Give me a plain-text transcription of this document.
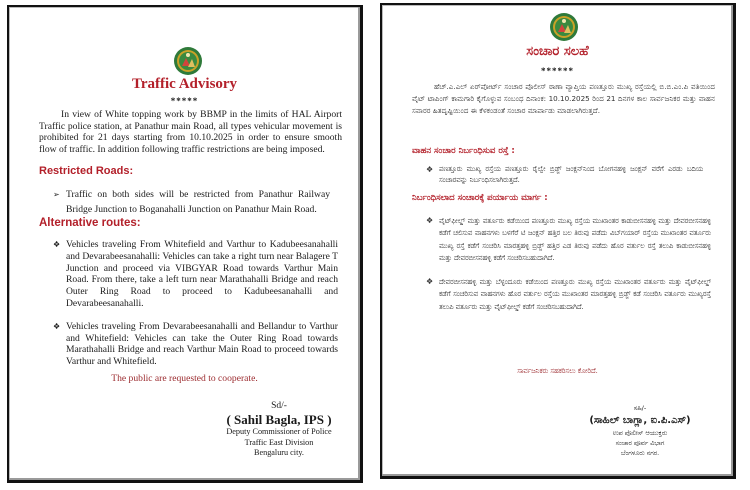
Traffic Advisory
*****
In view of White topping work by BBMP in the limits of HAL Airport Traffic police station, at Panathur main Road, all types vehicular movement is prohibited for 21 days starting from 10.10.2025 in order to ensure smooth flow of traffic. In addition following traffic restrictions are being imposed.
Restricted Roads:
➢ Traffic on both sides will be restricted from Panathur Railway Bridge Junction to Boganahalli Junction on Panathur Main Road.
Alternative routes:
❖ Vehicles traveling From Whitefield and Varthur to Kadubeesanahalli and Devarabeesanahalli: Vehicles can take a right turn near Balagere T Junction and proceed via VIBGYAR Road towards Varthur Main Road. From there, take a left turn near Marathahalli Bridge and reach Outer Ring Road to proceed to Kadubeesanahalli and Devarabeesanahalli.
❖ Vehicles traveling From Devarabeesanahalli and Bellandur to Varthur and Whitefield: Vehicles can take the Outer Ring Road towards Marathahalli Bridge and reach Varthur Main Road to proceed towards Varthur and Whitefield.
The public are requested to cooperate.
Sd/-
( Sahil Bagla, IPS )
Deputy Commissioner of Police
Traffic East Division
Bengaluru city.
ಸಂಚಾರ ಸಲಹೆ
******
ಹೆಚ್.ಎ.ಎಲ್ ಏರ್‌ಪೋರ್ಟ್ ಸಂಚಾರ ಪೊಲೀಸ್ ಠಾಣಾ ವ್ಯಾಪ್ತಿಯ ಪಣತ್ತೂರು ಮುಖ್ಯ ರಸ್ತೆಯಲ್ಲಿ ಬಿ.ಬಿ.ಎಂ.ಪಿ ವತಿಯಿಂದ ವೈಟ್ ಟಾಪಿಂಗ್ ಕಾಮಗಾರಿ ಕೈಗೊಳ್ಳುವ ಸಂಬಂಧ ದಿನಾಂಕ: 10.10.2025 ರಿಂದ 21 ದಿನಗಳ ಕಾಲ ಸಾರ್ವಜನಿಕರ ಮತ್ತು ವಾಹನ ಸವಾರರ ಹಿತದೃಷ್ಟಿಯಿಂದ ಈ ಕೆಳಕಂಡಂತೆ ಸಂಚಾರ ಮಾರ್ಪಾಡು ಮಾಡಲಾಗಿರುತ್ತದೆ.
ವಾಹನ ಸಂಚಾರ ನಿರ್ಬಂಧಿಸುವ ರಸ್ತೆ :
❖ ಪಣತ್ತೂರು ಮುಖ್ಯ ರಸ್ತೆಯ ಪಣತ್ತೂರು ರೈಲ್ವೇ ಬ್ರಿಡ್ಜ್ ಜಂಕ್ಷನ್‌ನಿಂದ ಬೋಗನಹಳ್ಳಿ ಜಂಕ್ಷನ್ ವರೆಗೆ ಎರಡು ಬದಿಯ ಸಂಚಾರವನ್ನು ನಿರ್ಬಂಧಿಸಲಾಗಿರುತ್ತದೆ.
ನಿರ್ಬಂಧಿಸಲಾದ ಸಂಚಾರಕ್ಕೆ ಪರ್ಯಾಯ ಮಾರ್ಗ :
❖ ವೈಟ್‌ಫೀಲ್ಡ್ ಮತ್ತು ವರ್ತೂರು ಕಡೆಯಿಂದ ಪಣತ್ತೂರು ಮುಖ್ಯ ರಸ್ತೆಯ ಮುಖಾಂತರ ಕಾಡುಬೀಸನಹಳ್ಳಿ ಮತ್ತು ದೇವರಬೀಸನಹಳ್ಳಿ ಕಡೆಗೆ ಚಲಿಸುವ ವಾಹನಗಳು ಬಳಗೆರೆ ಟಿ ಜಂಕ್ಷನ್ ಹತ್ತಿರ ಬಲ ತಿರುವು ಪಡೆದು ವಿಬ್‌ಗಯಾರ್ ರಸ್ತೆಯ ಮುಖಾಂತರ ವರ್ತೂರು ಮುಖ್ಯ ರಸ್ತೆ ಕಡೆಗೆ ಸಂಚರಿಸಿ ಮಾರತ್ತಹಳ್ಳಿ ಬ್ರಿಡ್ಜ್ ಹತ್ತಿರ ಎಡ ತಿರುವು ಪಡೆದು ಹೊರ ವರ್ತುಲ ರಸ್ತೆ ತಲುಪಿ ಕಾಡುಬೀಸನಹಳ್ಳಿ ಮತ್ತು ದೇವರಬೀಸನಹಳ್ಳಿ ಕಡೆಗೆ ಸಂಚರಿಸಬಹುದಾಗಿದೆ.
❖ ದೇವರಬೀಸನಹಳ್ಳಿ ಮತ್ತು ಬೆಳ್ಳಂದೂರು ಕಡೆಯಿಂದ ಪಣತ್ತೂರು ಮುಖ್ಯ ರಸ್ತೆಯ ಮುಖಾಂತರ ವರ್ತೂರು ಮತ್ತು ವೈಟ್‌ಫೀಲ್ಡ್ ಕಡೆಗೆ ಸಂಚರಿಸುವ ವಾಹನಗಳು ಹೊರ ವರ್ತುಲ ರಸ್ತೆಯ ಮುಖಾಂತರ ಮಾರತ್ತಹಳ್ಳಿ ಬ್ರಿಡ್ಜ್ ಕಡೆ ಸಂಚರಿಸಿ ವರ್ತೂರು ಮುಖ್ಯರಸ್ತೆ ತಲುಪಿ ವರ್ತೂರು ಮತ್ತು ವೈಟ್‌ಫೀಲ್ಡ್ ಕಡೆಗೆ ಸಂಚರಿಸಬಹುದಾಗಿದೆ.
ಸಾರ್ವಜನಿಕರು ಸಹಕರಿಸಲು ಕೋರಿದೆ.
ಸಹಿ/-
(ಸಾಹಿಲ್ ಬಾಗ್ಲಾ, ಐ.ಪಿ.ಎಸ್)
ಉಪ ಪೊಲೀಸ್ ಆಯುಕ್ತರು
ಸಂಚಾರ ಪೂರ್ವ ವಿಭಾಗ
ಬೆಂಗಳೂರು ನಗರ.
